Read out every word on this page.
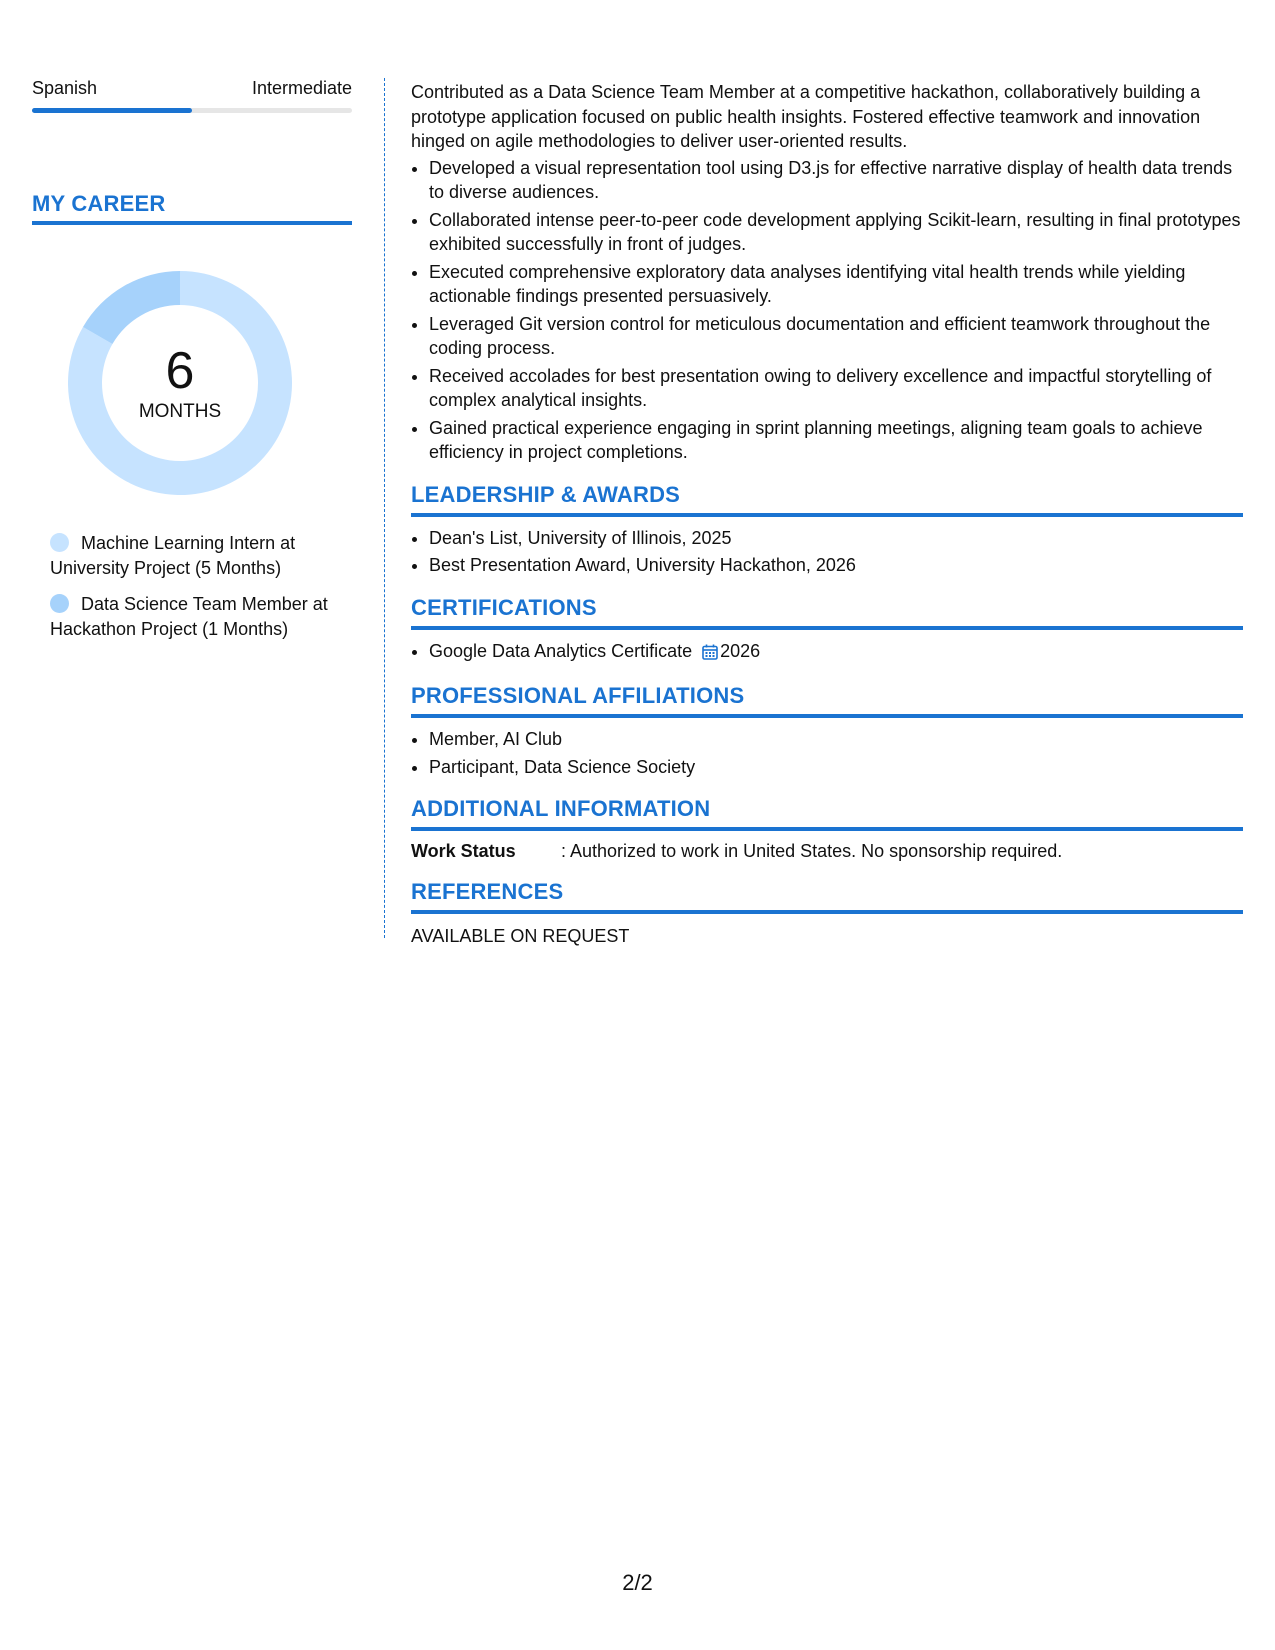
Spanish	Intermediate
MY CAREER
6
MONTHS
Machine Learning Intern at University Project (5 Months)
Data Science Team Member at Hackathon Project (1 Months)
Contributed as a Data Science Team Member at a competitive hackathon, collaboratively building a prototype application focused on public health insights. Fostered effective teamwork and innovation hinged on agile methodologies to deliver user-oriented results.
• Developed a visual representation tool using D3.js for effective narrative display of health data trends to diverse audiences.
• Collaborated intense peer-to-peer code development applying Scikit-learn, resulting in final prototypes exhibited successfully in front of judges.
• Executed comprehensive exploratory data analyses identifying vital health trends while yielding actionable findings presented persuasively.
• Leveraged Git version control for meticulous documentation and efficient teamwork throughout the coding process.
• Received accolades for best presentation owing to delivery excellence and impactful storytelling of complex analytical insights.
• Gained practical experience engaging in sprint planning meetings, aligning team goals to achieve efficiency in project completions.
LEADERSHIP & AWARDS
• Dean's List, University of Illinois, 2025
• Best Presentation Award, University Hackathon, 2026
CERTIFICATIONS
• Google Data Analytics Certificate 2026
PROFESSIONAL AFFILIATIONS
• Member, AI Club
• Participant, Data Science Society
ADDITIONAL INFORMATION
Work Status	: Authorized to work in United States. No sponsorship required.
REFERENCES
AVAILABLE ON REQUEST
2/2
